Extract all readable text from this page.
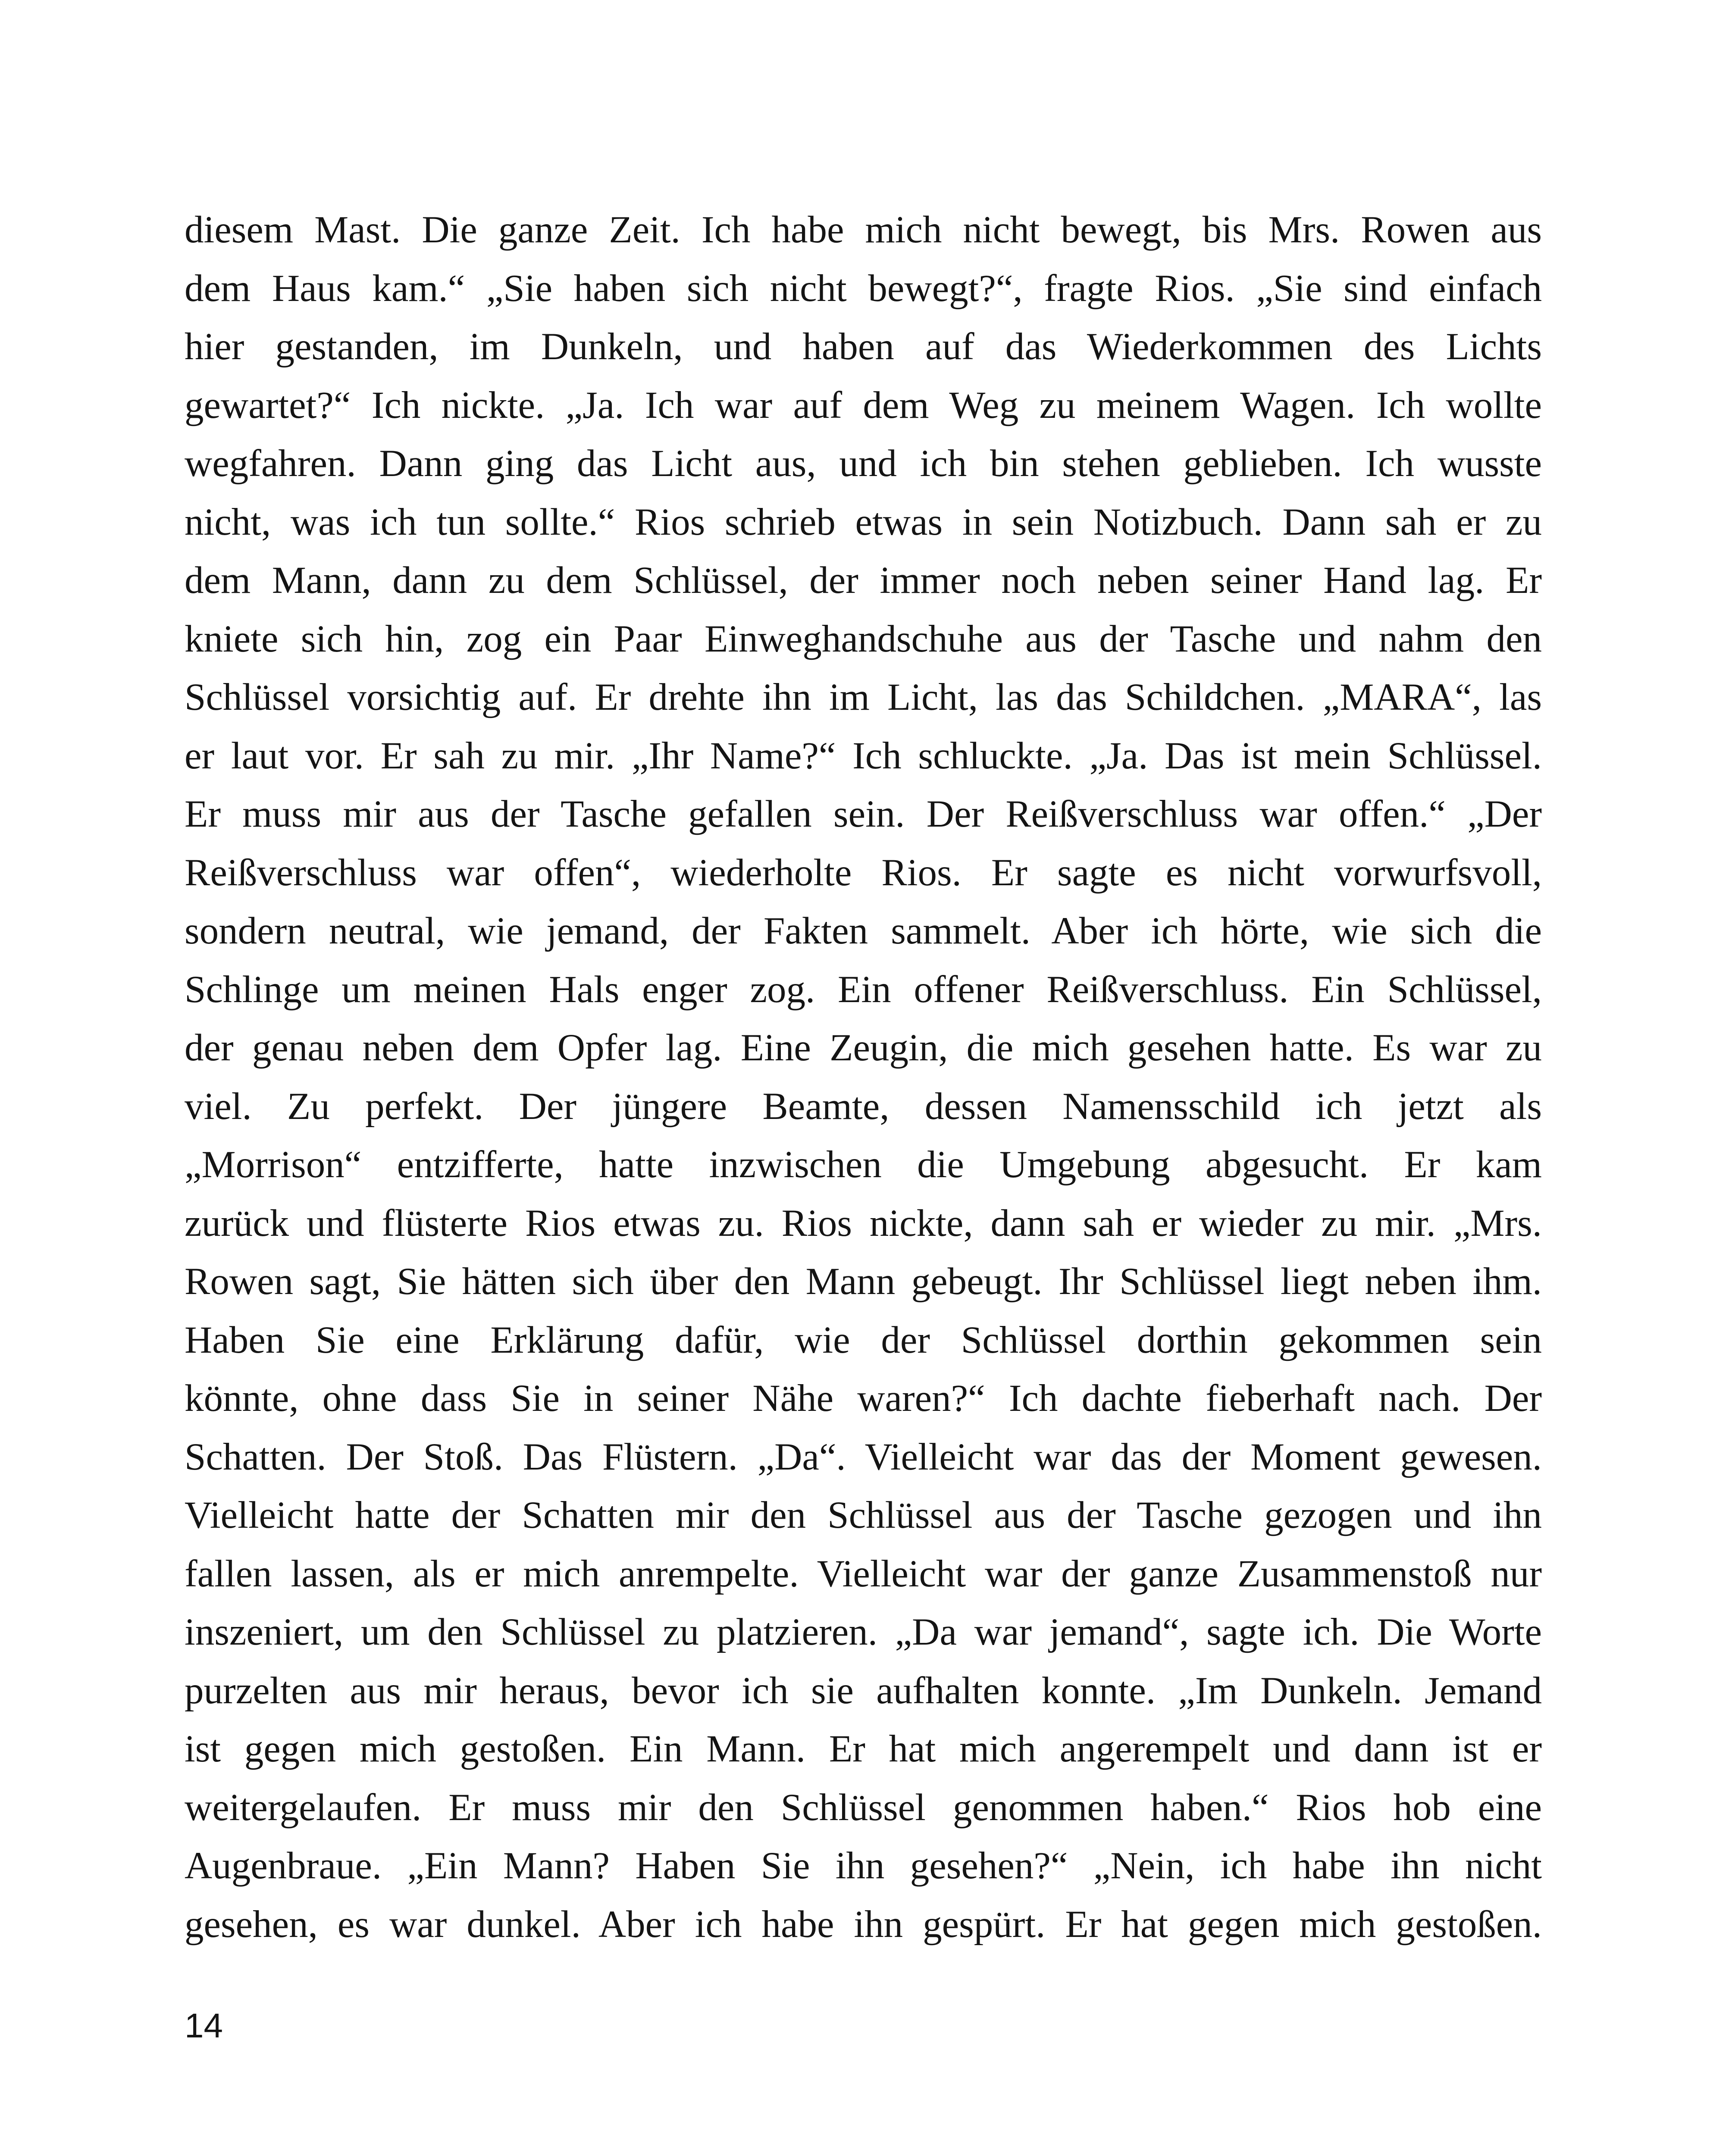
diesem Mast. Die ganze Zeit. Ich habe mich nicht bewegt, bis Mrs. Rowen aus
dem Haus kam.“ „Sie haben sich nicht bewegt?“, fragte Rios. „Sie sind einfach
hier gestanden, im Dunkeln, und haben auf das Wiederkommen des Lichts
gewartet?“ Ich nickte. „Ja. Ich war auf dem Weg zu meinem Wagen. Ich wollte
wegfahren. Dann ging das Licht aus, und ich bin stehen geblieben. Ich wusste
nicht, was ich tun sollte.“ Rios schrieb etwas in sein Notizbuch. Dann sah er zu
dem Mann, dann zu dem Schlüssel, der immer noch neben seiner Hand lag. Er
kniete sich hin, zog ein Paar Einweghandschuhe aus der Tasche und nahm den
Schlüssel vorsichtig auf. Er drehte ihn im Licht, las das Schildchen. „MARA“, las
er laut vor. Er sah zu mir. „Ihr Name?“ Ich schluckte. „Ja. Das ist mein Schlüssel.
Er muss mir aus der Tasche gefallen sein. Der Reißverschluss war offen.“ „Der
Reißverschluss war offen“, wiederholte Rios. Er sagte es nicht vorwurfsvoll,
sondern neutral, wie jemand, der Fakten sammelt. Aber ich hörte, wie sich die
Schlinge um meinen Hals enger zog. Ein offener Reißverschluss. Ein Schlüssel,
der genau neben dem Opfer lag. Eine Zeugin, die mich gesehen hatte. Es war zu
viel. Zu perfekt. Der jüngere Beamte, dessen Namensschild ich jetzt als
„Morrison“ entzifferte, hatte inzwischen die Umgebung abgesucht. Er kam
zurück und flüsterte Rios etwas zu. Rios nickte, dann sah er wieder zu mir. „Mrs.
Rowen sagt, Sie hätten sich über den Mann gebeugt. Ihr Schlüssel liegt neben ihm.
Haben Sie eine Erklärung dafür, wie der Schlüssel dorthin gekommen sein
könnte, ohne dass Sie in seiner Nähe waren?“ Ich dachte fieberhaft nach. Der
Schatten. Der Stoß. Das Flüstern. „Da“. Vielleicht war das der Moment gewesen.
Vielleicht hatte der Schatten mir den Schlüssel aus der Tasche gezogen und ihn
fallen lassen, als er mich anrempelte. Vielleicht war der ganze Zusammenstoß nur
inszeniert, um den Schlüssel zu platzieren. „Da war jemand“, sagte ich. Die Worte
purzelten aus mir heraus, bevor ich sie aufhalten konnte. „Im Dunkeln. Jemand
ist gegen mich gestoßen. Ein Mann. Er hat mich angerempelt und dann ist er
weitergelaufen. Er muss mir den Schlüssel genommen haben.“ Rios hob eine
Augenbraue. „Ein Mann? Haben Sie ihn gesehen?“ „Nein, ich habe ihn nicht
gesehen, es war dunkel. Aber ich habe ihn gespürt. Er hat gegen mich gestoßen.
14
